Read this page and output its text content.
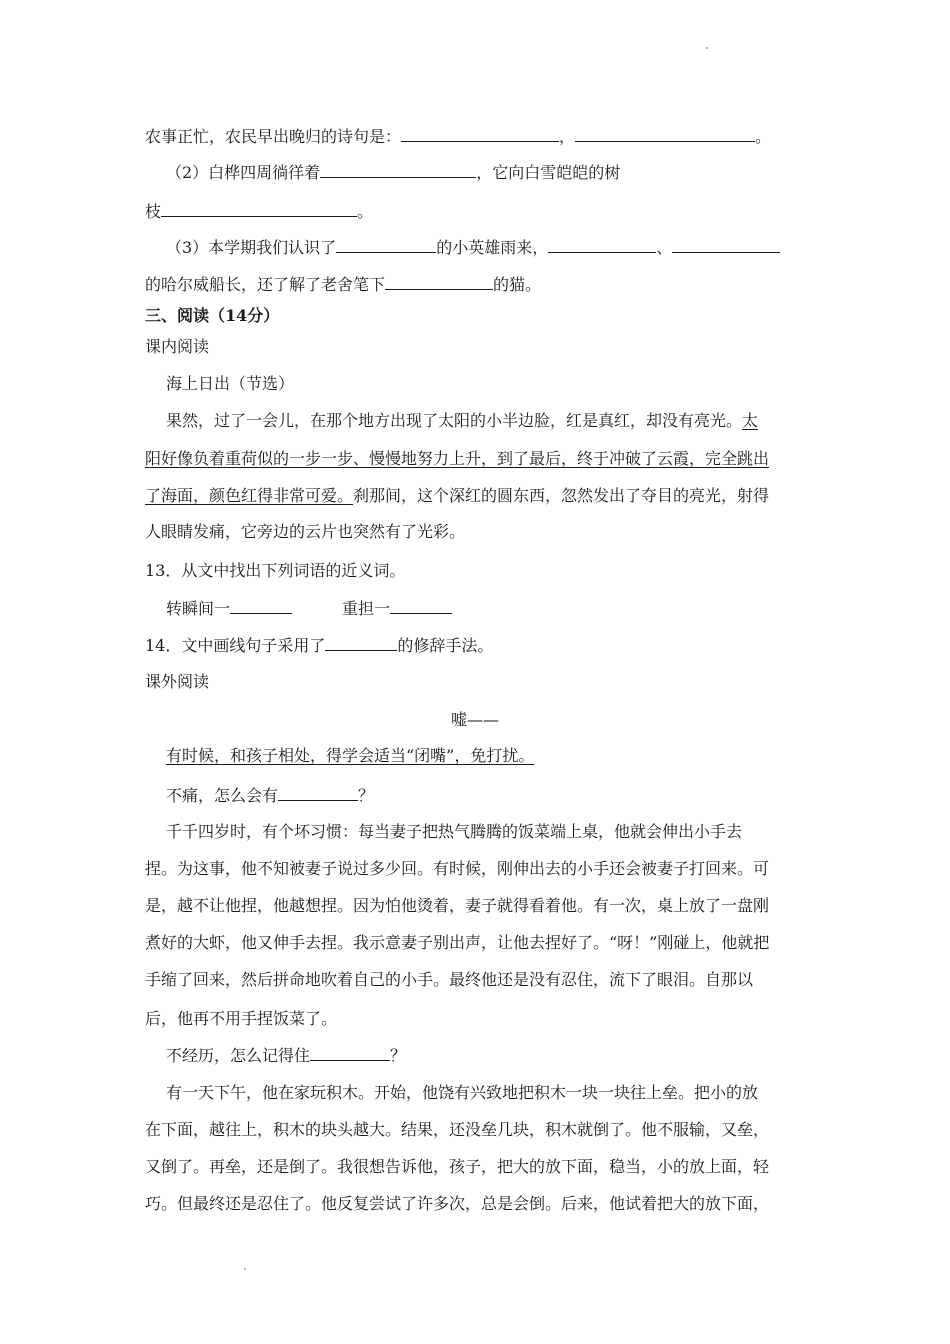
农事正忙，农民早出晚归的诗句是：	，	。

（2）白桦四周徜徉着	，它向白雪皑皑的树

枝	。

（3）本学期我们认识了	的小英雄雨来，	、

的哈尔威船长，还了解了老舍笔下	的猫。

三、阅读（14分）

课内阅读

海上日出（节选）

果然，过了一会儿，在那个地方出现了太阳的小半边脸，红是真红，却没有亮光。太

阳好像负着重荷似的一步一步、慢慢地努力上升，到了最后，终于冲破了云霞，完全跳出

了海面，颜色红得非常可爱。刹那间，这个深红的圆东西，忽然发出了夺目的亮光，射得

人眼睛发痛，它旁边的云片也突然有了光彩。

13．从文中找出下列词语的近义词。

转瞬间一	重担一

14．文中画线句子采用了	的修辞手法。

课外阅读

嘘——

有时候，和孩子相处，得学会适当“闭嘴”，免打扰。

不痛，怎么会有	？

千千四岁时，有个坏习惯：每当妻子把热气腾腾的饭菜端上桌，他就会伸出小手去

捏。为这事，他不知被妻子说过多少回。有时候，刚伸出去的小手还会被妻子打回来。可

是，越不让他捏，他越想捏。因为怕他烫着，妻子就得看着他。有一次，桌上放了一盘刚

煮好的大虾，他又伸手去捏。我示意妻子别出声，让他去捏好了。“呀！”刚碰上，他就把

手缩了回来，然后拼命地吹着自己的小手。最终他还是没有忍住，流下了眼泪。自那以

后，他再不用手捏饭菜了。

不经历，怎么记得住	？

有一天下午，他在家玩积木。开始，他饶有兴致地把积木一块一块往上垒。把小的放

在下面，越往上，积木的块头越大。结果，还没垒几块，积木就倒了。他不服输，又垒，

又倒了。再垒，还是倒了。我很想告诉他，孩子，把大的放下面，稳当，小的放上面，轻

巧。但最终还是忍住了。他反复尝试了许多次，总是会倒。后来，他试着把大的放下面，
